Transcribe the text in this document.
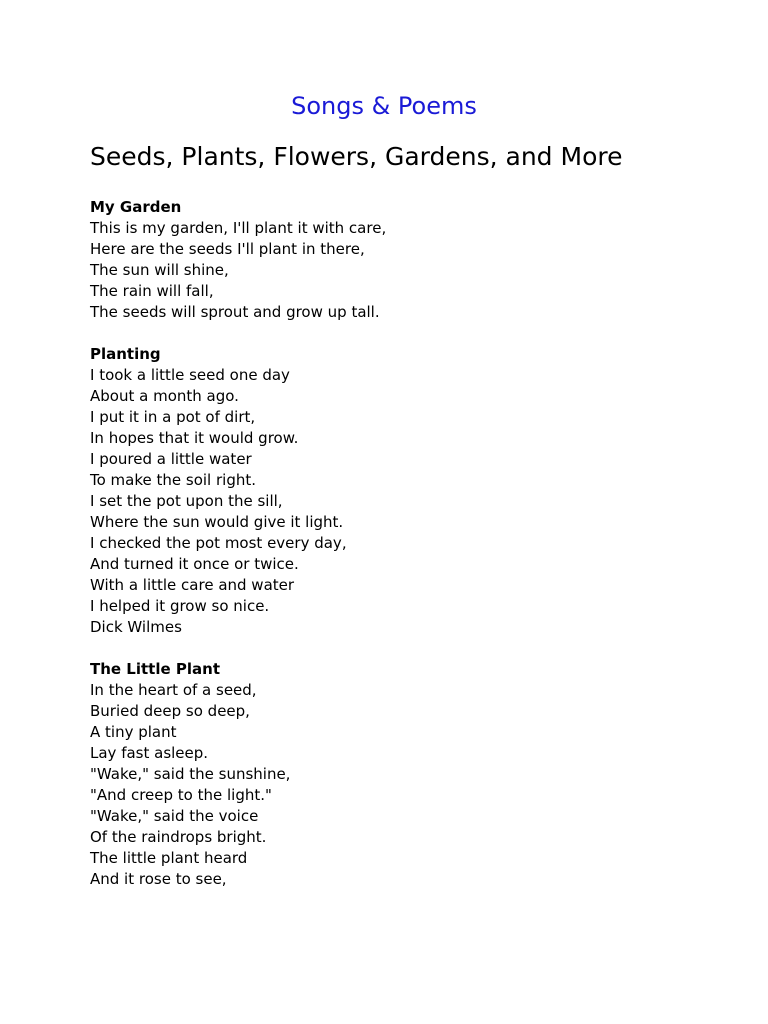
Songs & Poems
Seeds, Plants, Flowers, Gardens, and More
My Garden
This is my garden, I'll plant it with care,
Here are the seeds I'll plant in there,
The sun will shine,
The rain will fall,
The seeds will sprout and grow up tall.
Planting
I took a little seed one day
About a month ago.
I put it in a pot of dirt,
In hopes that it would grow.
I poured a little water
To make the soil right.
I set the pot upon the sill,
Where the sun would give it light.
I checked the pot most every day,
And turned it once or twice.
With a little care and water
I helped it grow so nice.
Dick Wilmes
The Little Plant
In the heart of a seed,
Buried deep so deep,
A tiny plant
Lay fast asleep.
"Wake," said the sunshine,
"And creep to the light."
"Wake," said the voice
Of the raindrops bright.
The little plant heard
And it rose to see,
